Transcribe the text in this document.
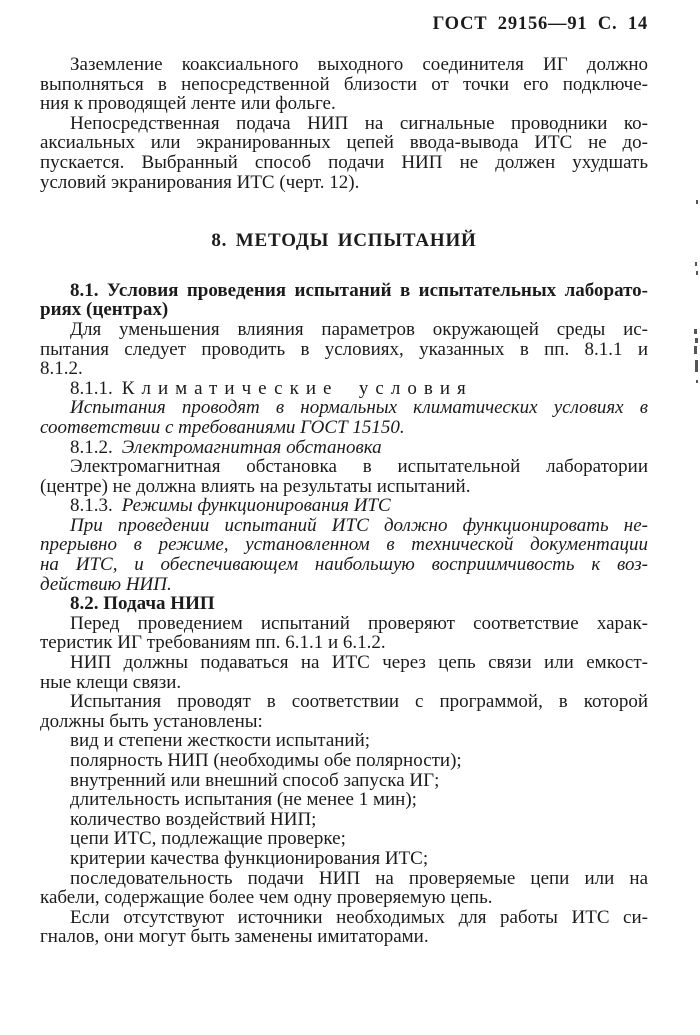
ГОСТ 29156—91 С. 14

Заземление коаксиального выходного соединителя ИГ должно
выполняться в непосредственной близости от точки его подключе-
ния к проводящей ленте или фольге.

Непосредственная подача НИП на сигнальные проводники ко-
аксиальных или экранированных цепей ввода-вывода ИТС не до-
пускается. Выбранный способ подачи НИП не должен ухудшать
условий экранирования ИТС (черт. 12).

8. МЕТОДЫ ИСПЫТАНИЙ

8.1. Условия проведения испытаний в испытательных лаборато-
риях (центрах)

Для уменьшения влияния параметров окружающей среды ис-
пытания следует проводить в условиях, указанных в пп. 8.1.1 и
8.1.2.

8.1.1. Климатические условия

Испытания проводят в нормальных климатических условиях в
соответствии с требованиями ГОСТ 15150.

8.1.2. Электромагнитная обстановка

Электромагнитная обстановка в испытательной лаборатории
(центре) не должна влиять на результаты испытаний.

8.1.3. Режимы функционирования ИТС

При проведении испытаний ИТС должно функционировать не-
прерывно в режиме, установленном в технической документации
на ИТС, и обеспечивающем наибольшую восприимчивость к воз-
действию НИП.

8.2. Подача НИП

Перед проведением испытаний проверяют соответствие харак-
теристик ИГ требованиям пп. 6.1.1 и 6.1.2.

НИП должны подаваться на ИТС через цепь связи или емкост-
ные клещи связи.

Испытания проводят в соответствии с программой, в которой
должны быть установлены:

вид и степени жесткости испытаний;

полярность НИП (необходимы обе полярности);

внутренний или внешний способ запуска ИГ;

длительность испытания (не менее 1 мин);

количество воздействий НИП;

цепи ИТС, подлежащие проверке;

критерии качества функционирования ИТС;

последовательность подачи НИП на проверяемые цепи или на
кабели, содержащие более чем одну проверяемую цепь.

Если отсутствуют источники необходимых для работы ИТС си-
гналов, они могут быть заменены имитаторами.
